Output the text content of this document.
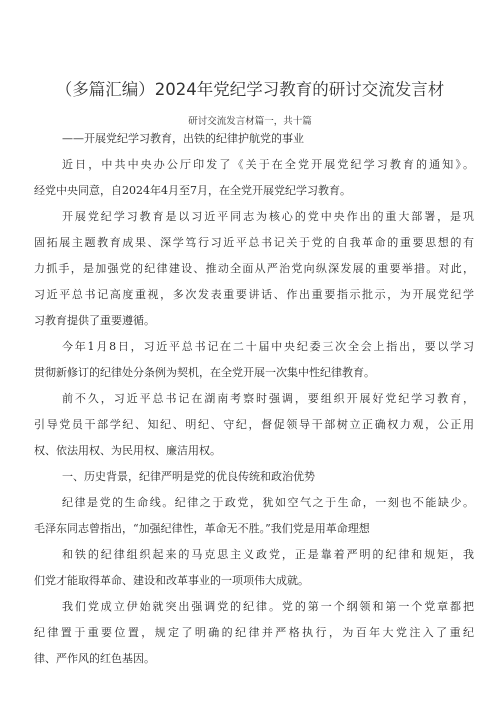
（多篇汇编）2024年党纪学习教育的研讨交流发言材
研讨交流发言材篇一，共十篇
——开展党纪学习教育，出铁的纪律护航党的事业
近日，中共中央办公厅印发了《关于在全党开展党纪学习教育的通知》。
经党中央同意，自2024年4月至7月，在全党开展党纪学习教育。
开展党纪学习教育是以习近平同志为核心的党中央作出的重大部署，是巩
固拓展主题教育成果、深学笃行习近平总书记关于党的自我革命的重要思想的有
力抓手，是加强党的纪律建设、推动全面从严治党向纵深发展的重要举措。对此，
习近平总书记高度重视，多次发表重要讲话、作出重要指示批示，为开展党纪学
习教育提供了重要遵循。
今年1月8日，习近平总书记在二十届中央纪委三次全会上指出，要以学习
贯彻新修订的纪律处分条例为契机，在全党开展一次集中性纪律教育。
前不久，习近平总书记在湖南考察时强调，要组织开展好党纪学习教育，
引导党员干部学纪、知纪、明纪、守纪，督促领导干部树立正确权力观，公正用
权、依法用权、为民用权、廉洁用权。
一、历史背景，纪律严明是党的优良传统和政治优势
纪律是党的生命线。纪律之于政党，犹如空气之于生命，一刻也不能缺少。
毛泽东同志曾指出，“加强纪律性，革命无不胜。”我们党是用革命理想
和铁的纪律组织起来的马克思主义政党，正是靠着严明的纪律和规矩，我
们党才能取得革命、建设和改革事业的一项项伟大成就。
我们党成立伊始就突出强调党的纪律。党的第一个纲领和第一个党章都把
纪律置于重要位置，规定了明确的纪律并严格执行，为百年大党注入了重纪
律、严作风的红色基因。
